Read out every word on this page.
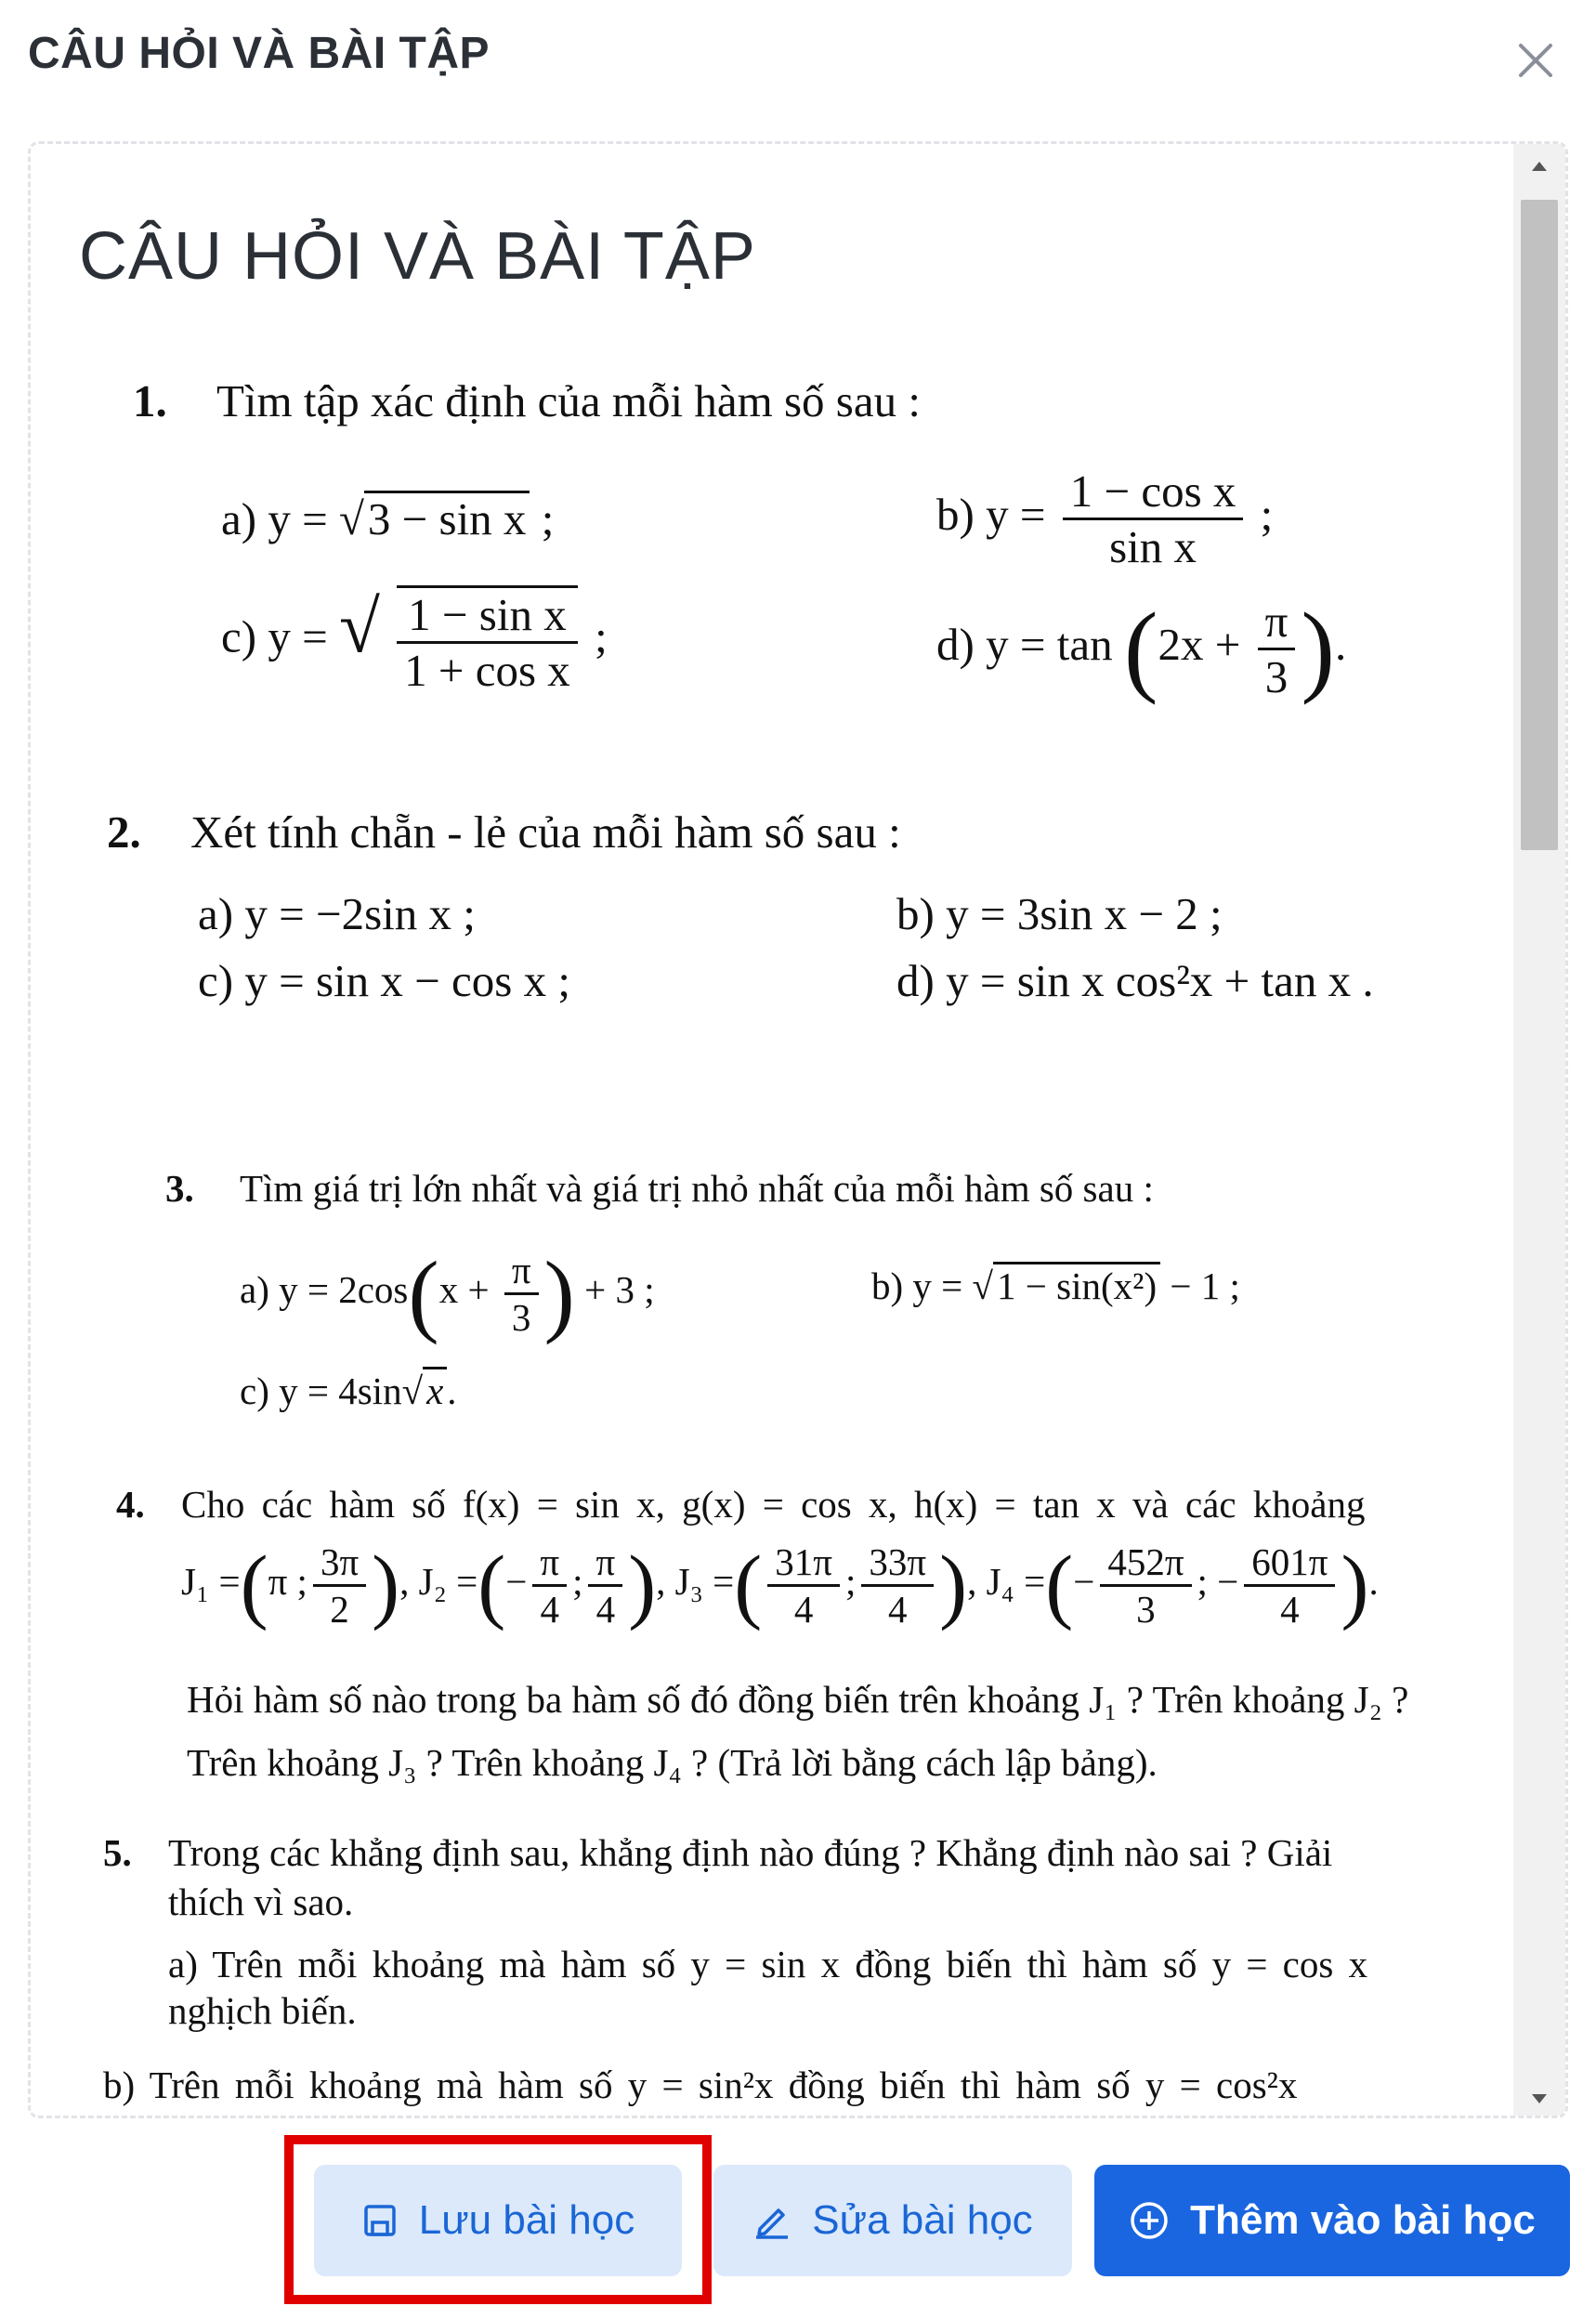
CÂU HỎI VÀ BÀI TẬP
CÂU HỎI VÀ BÀI TẬP
1. Tìm tập xác định của mỗi hàm số sau :
a) y = √3 − sin x ;	b) $y = \frac{\text{1 − cos x}}{\text{sin x}}$ ;
c) y = √ $\frac{\text{1 − sin x}}{\text{1 + cos x}}$ ;	d) $y = \tan (2x + \frac{\pi}{3}$ ).
2. Xét tính chẵn - lẻ của mỗi hàm số sau :
a) y = −2sin x ;	b) y = 3sin x − 2 ;
c) y = sin x − cos x ;	d) y = sin x cos²x + tan x .
3. Tìm giá trị lớn nhất và giá trị nhỏ nhất của mỗi hàm số sau :
a) $y = 2\cos(x + \frac{\pi}{3}$ ) + 3 ;	b) y = √1 − sin(x²) − 1 ;
c) y = 4sin√x.
4. Cho các hàm số f(x) = sin x, g(x) = cos x, h(x) = tan x và các khoảng
J₁ =(π ; $\frac{3\pi}{2}$ ), J₂ =(− $\frac{\pi}{4}$ ; $\frac{\pi}{4}$ ), J₃ =( $\frac{31\pi}{4}$ ; $\frac{33\pi}{4}$ ), J₄ =(− $\frac{452\pi}{3}$ ; − $\frac{601\pi}{4}$ ).
Hỏi hàm số nào trong ba hàm số đó đồng biến trên khoảng J₁ ? Trên khoảng J₂ ?
Trên khoảng J₃ ? Trên khoảng J₄ ? (Trả lời bằng cách lập bảng).
5. Trong các khẳng định sau, khẳng định nào đúng ? Khẳng định nào sai ? Giải
thích vì sao.
a) Trên mỗi khoảng mà hàm số y = sin x đồng biến thì hàm số y = cos x
nghịch biến.
b) Trên mỗi khoảng mà hàm số y = sin²x đồng biến thì hàm số y = cos²x
Lưu bài học	Sửa bài học	Thêm vào bài học
